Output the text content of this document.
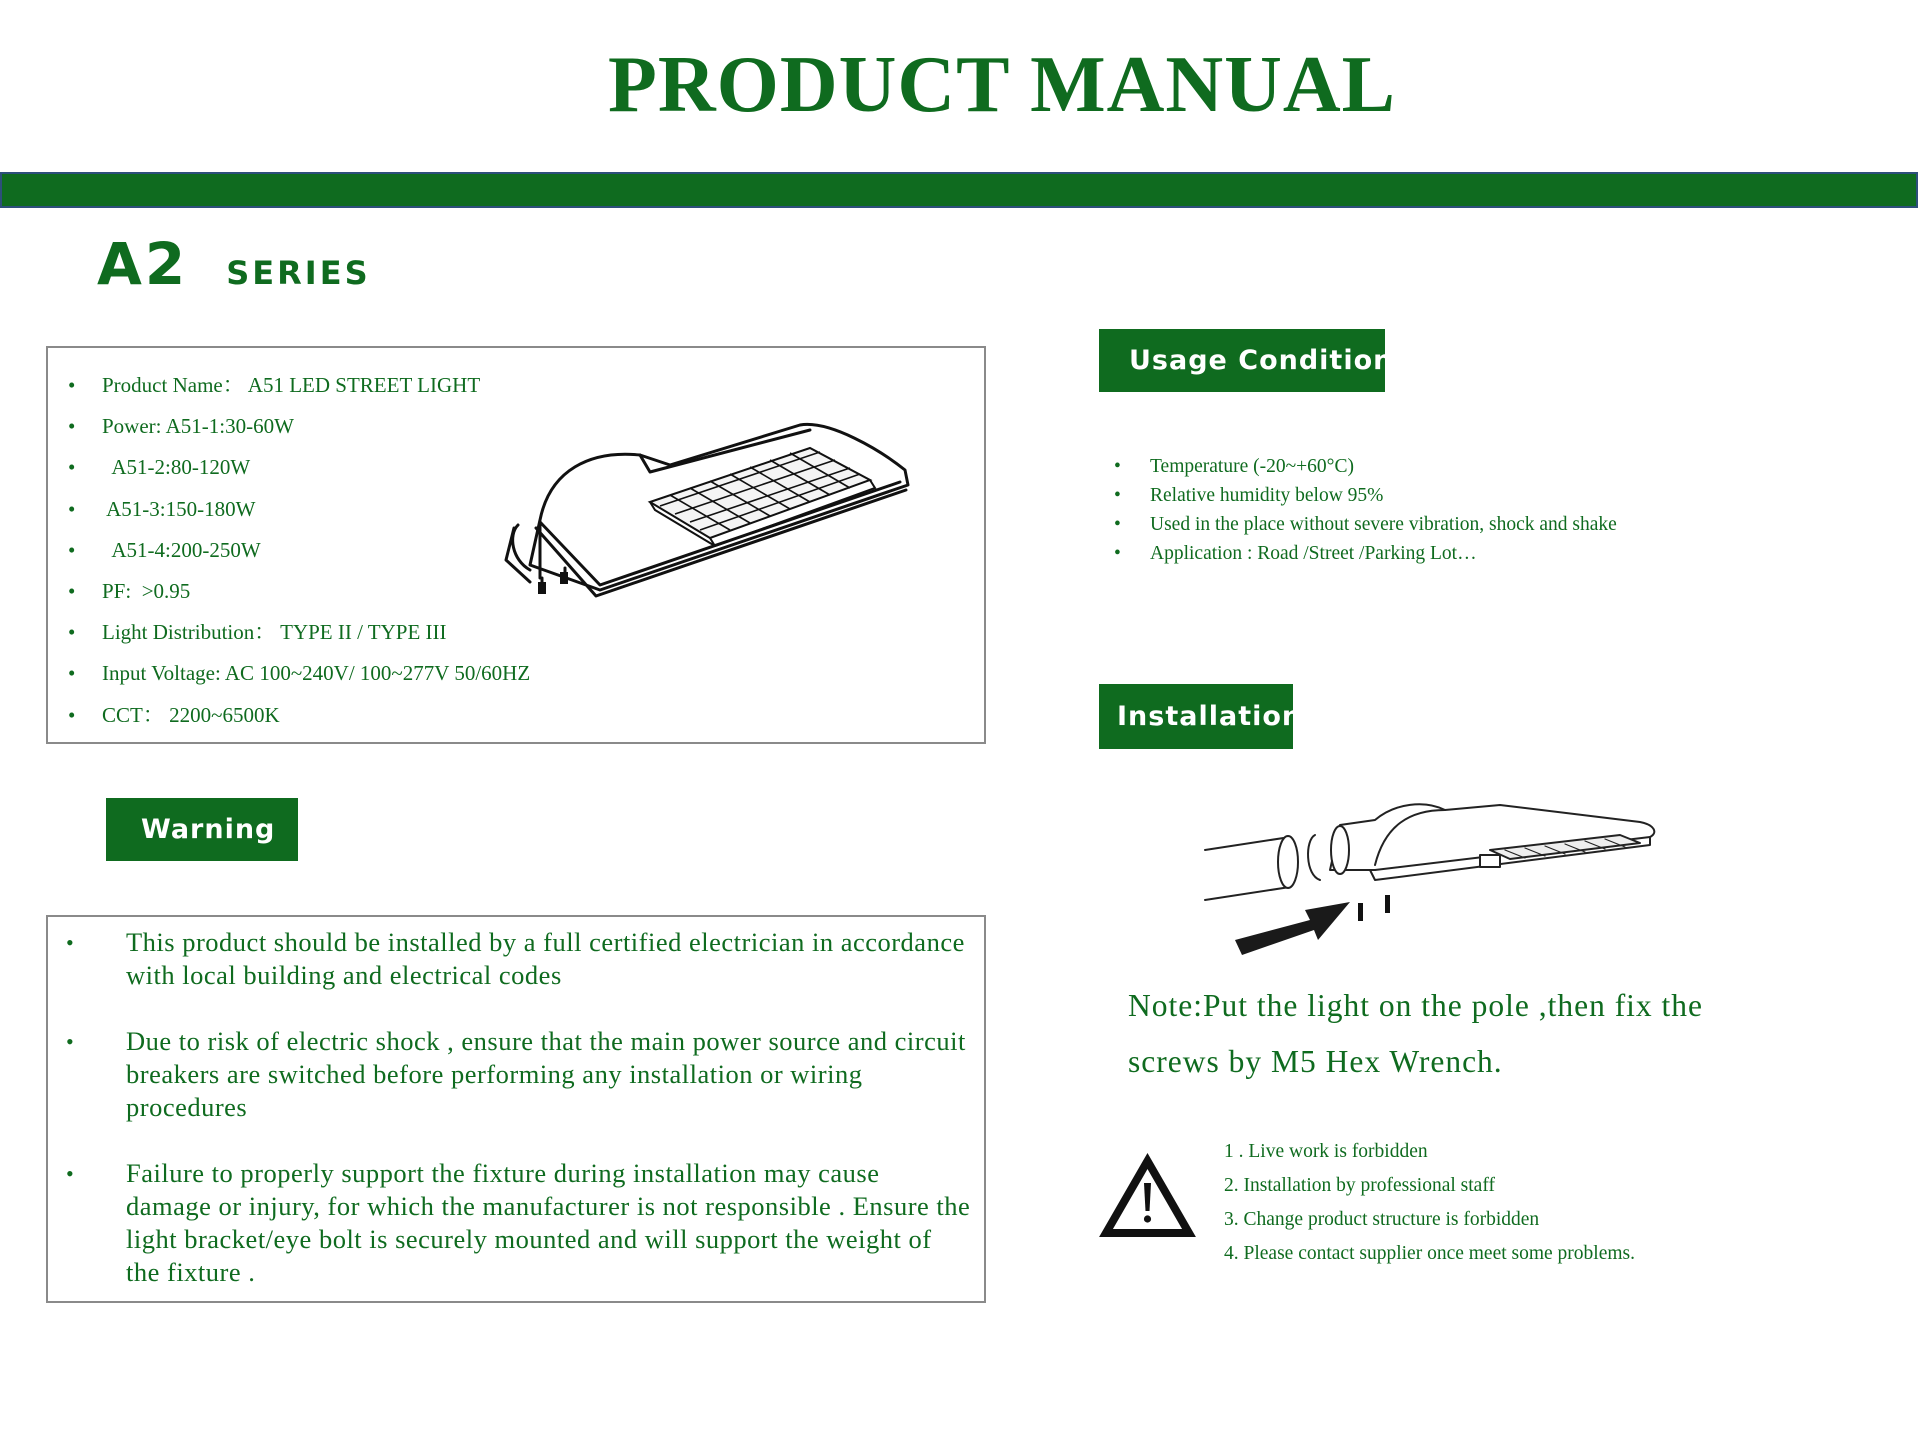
PRODUCT MANUAL
A2 series
• Product Name： A51 LED STREET LIGHT
• Power: A51-1:30-60W
•   A51-2:80-120W
•  A51-3:150-180W
•   A51-4:200-250W
• PF:  >0.95
• Light Distribution： TYPE II / TYPE III
• Input Voltage: AC 100~240V/ 100~277V 50/60HZ
• CCT： 2200~6500K
Warning
• This product should be installed by a full certified electrician in accordance with local building and electrical codes
• Due to risk of electric shock , ensure that the main power source and circuit breakers are switched before performing any installation or wiring procedures
• Failure to properly support the fixture during installation may cause damage or injury, for which the manufacturer is not responsible . Ensure the light bracket/eye bolt is securely mounted and will support the weight of the fixture .
Usage Conditions
• Temperature (-20~+60°C)
• Relative humidity below 95%
• Used in the place without severe vibration, shock and shake
• Application : Road /Street /Parking Lot…
Installation
Note:Put the light on the pole ,then fix the screws by M5 Hex Wrench.
1 . Live work is forbidden
2. Installation by professional staff
3. Change product structure is forbidden
4. Please contact supplier once meet some problems.
